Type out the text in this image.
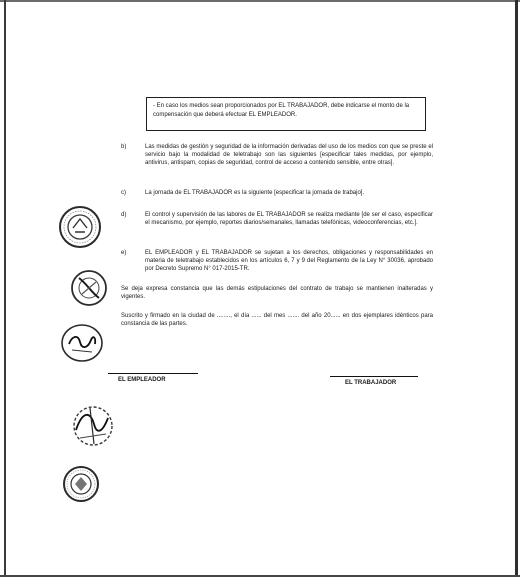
- En caso los medios sean proporcionados por EL TRABAJADOR, debe indicarse el monto de la compensación que deberá efectuar EL EMPLEADOR.
b)	Las medidas de gestión y seguridad de la información derivadas del uso de los medios con que se preste el servicio bajo la modalidad de teletrabajo son las siguientes [especificar tales medidas, por ejemplo, antivirus, antispam, copias de seguridad, control de acceso a contenido sensible, entre otras].
c)	La jornada de EL TRABAJADOR es la siguiente [especificar la jornada de trabajo].
d)	El control y supervisión de las labores de EL TRABAJADOR se realiza mediante [de ser el caso, especificar el mecanismo, por ejemplo, reportes diarios/semanales, llamadas telefónicas, videoconferencias, etc.].
e)	EL EMPLEADOR y EL TRABAJADOR se sujetan a los derechos, obligaciones y responsabilidades en materia de teletrabajo establecidos en los artículos 6, 7 y 9 del Reglamento de la Ley N° 30036, aprobado por Decreto Supremo N° 017-2015-TR.
Se deja expresa constancia que las demás estipulaciones del contrato de trabajo se mantienen inalteradas y vigentes.
Suscrito y firmado en la ciudad de ........, el día ...... del mes ....... del año 20...... en dos ejemplares idénticos para constancia de las partes.
EL EMPLEADOR	EL TRABAJADOR
